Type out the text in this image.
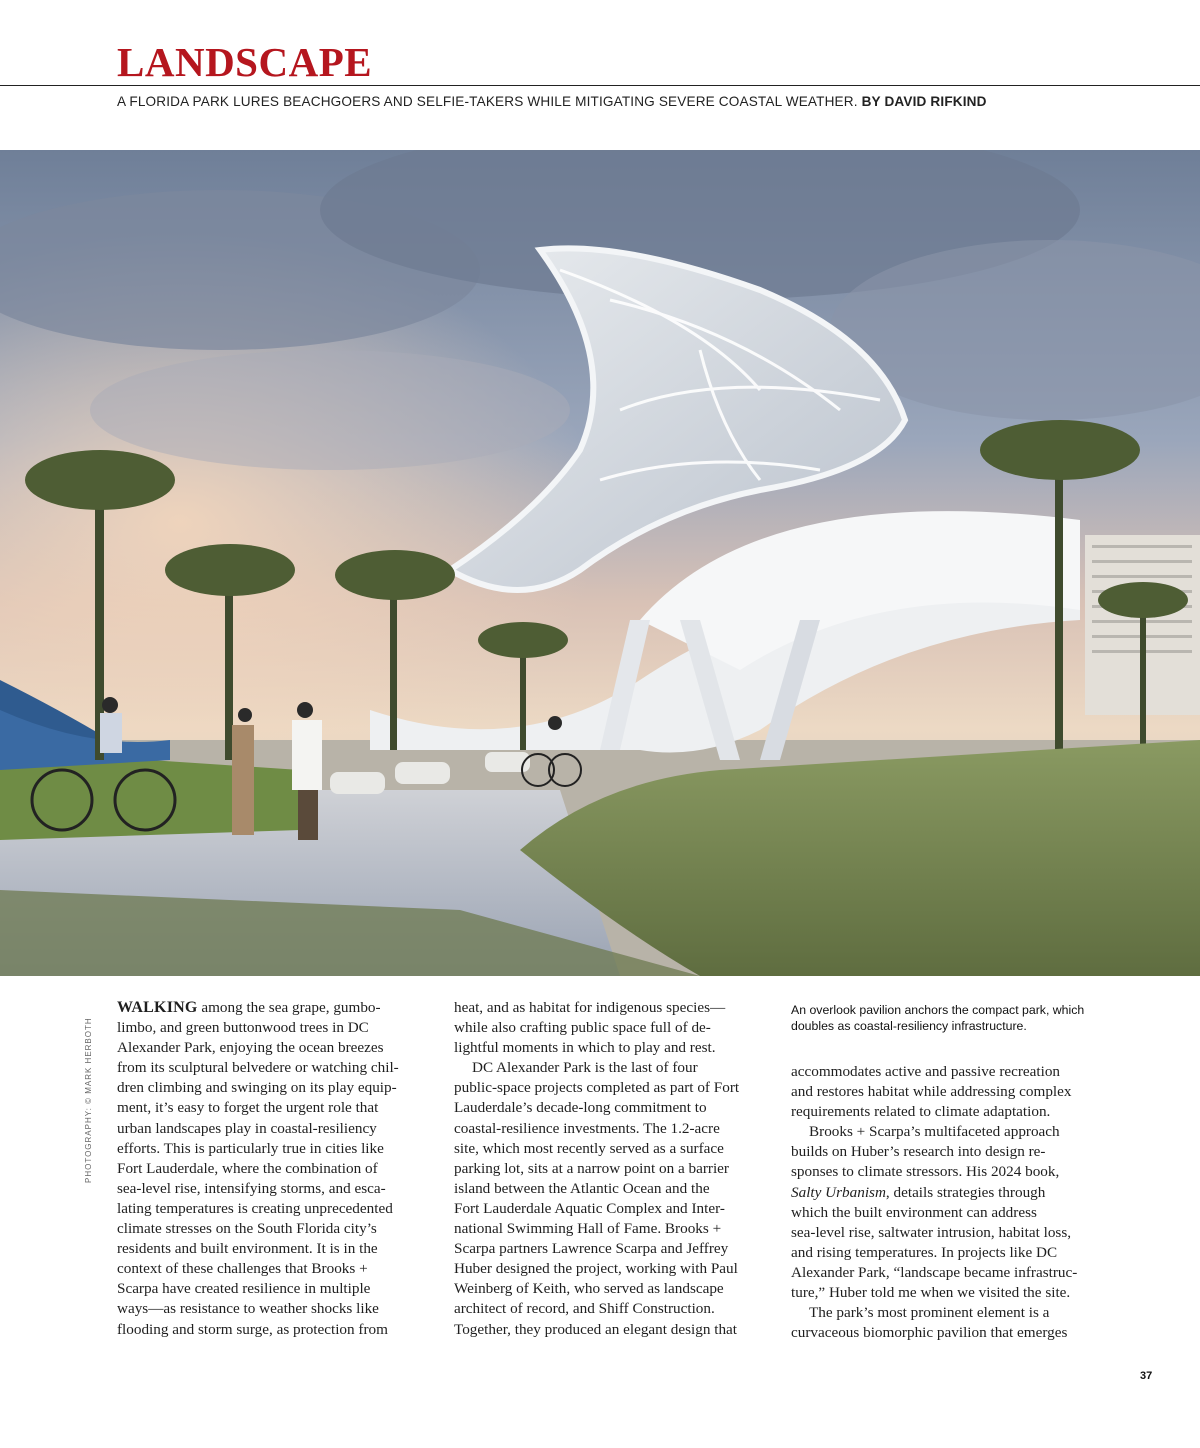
LANDSCAPE
A FLORIDA PARK LURES BEACHGOERS AND SELFIE-TAKERS WHILE MITIGATING SEVERE COASTAL WEATHER. BY DAVID RIFKIND
PHOTOGRAPHY: © MARK HERBOTH
WALKING among the sea grape, gumbo-
limbo, and green buttonwood trees in DC
Alexander Park, enjoying the ocean breezes
from its sculptural belvedere or watching chil-
dren climbing and swinging on its play equip-
ment, it’s easy to forget the urgent role that
urban landscapes play in coastal-resiliency
efforts. This is particularly true in cities like
Fort Lauderdale, where the combination of
sea-level rise, intensifying storms, and esca-
lating temperatures is creating unprecedented
climate stresses on the South Florida city’s
residents and built environment. It is in the
context of these challenges that Brooks +
Scarpa have created resilience in multiple
ways—as resistance to weather shocks like
flooding and storm surge, as protection from
heat, and as habitat for indigenous species—
while also crafting public space full of de-
lightful moments in which to play and rest.
DC Alexander Park is the last of four
public-space projects completed as part of Fort
Lauderdale’s decade-long commitment to
coastal-resilience investments. The 1.2-acre
site, which most recently served as a surface
parking lot, sits at a narrow point on a barrier
island between the Atlantic Ocean and the
Fort Lauderdale Aquatic Complex and Inter-
national Swimming Hall of Fame. Brooks +
Scarpa partners Lawrence Scarpa and Jeffrey
Huber designed the project, working with Paul
Weinberg of Keith, who served as landscape
architect of record, and Shiff Construction.
Together, they produced an elegant design that
An overlook pavilion anchors the compact park, which doubles as coastal-resiliency infrastructure.
accommodates active and passive recreation
and restores habitat while addressing complex
requirements related to climate adaptation.
Brooks + Scarpa’s multifaceted approach
builds on Huber’s research into design re-
sponses to climate stressors. His 2024 book,
Salty Urbanism, details strategies through
which the built environment can address
sea-level rise, saltwater intrusion, habitat loss,
and rising temperatures. In projects like DC
Alexander Park, “landscape became infrastruc-
ture,” Huber told me when we visited the site.
The park’s most prominent element is a
curvaceous biomorphic pavilion that emerges
37
